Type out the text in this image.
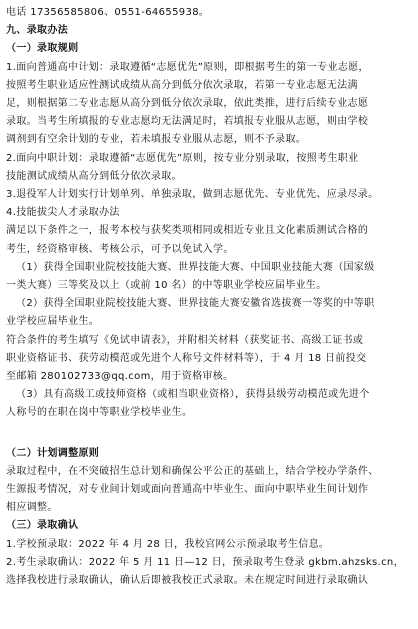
电话 17356585806、0551-64655938。
九、录取办法
（一）录取规则
1.面向普通高中计划：录取遵循“志愿优先”原则，即根据考生的第一专业志愿，
按照考生职业适应性测试成绩从高分到低分依次录取，若第一专业志愿无法满
足，则根据第二专业志愿从高分到低分依次录取，依此类推，进行后续专业志愿
录取。当考生所填报的专业志愿均无法满足时，若填报专业服从志愿，则由学校
调剂到有空余计划的专业，若未填报专业服从志愿，则不予录取。
2.面向中职计划：录取遵循“志愿优先”原则，按专业分别录取，按照考生职业
技能测试成绩从高分到低分依次录取。
3.退役军人计划实行计划单列、单独录取，做到志愿优先、专业优先、应录尽录。
4.技能拔尖人才录取办法
满足以下条件之一，报考本校与获奖类项相同或相近专业且文化素质测试合格的
考生，经资格审核、考核公示，可予以免试入学。
（1）获得全国职业院校技能大赛、世界技能大赛、中国职业技能大赛（国家级
一类大赛）三等奖及以上（或前 10 名）的中等职业学校应届毕业生。
（2）获得全国职业院校技能大赛、世界技能大赛安徽省选拔赛一等奖的中等职
业学校应届毕业生。
符合条件的考生填写《免试申请表》，并附相关材料（获奖证书、高级工证书或
职业资格证书、获劳动模范或先进个人称号文件材料等），于 4 月 18 日前投交
至邮箱 280102733@qq.com，用于资格审核。
（3）具有高级工或技师资格（或相当职业资格），获得县级劳动模范或先进个
人称号的在职在岗中等职业学校毕业生。
（二）计划调整原则
录取过程中，在不突破招生总计划和确保公平公正的基础上，结合学校办学条件、
生源报考情况，对专业间计划或面向普通高中毕业生、面向中职毕业生间计划作
相应调整。
（三）录取确认
1.学校预录取：2022 年 4 月 28 日，我校官网公示预录取考生信息。
2.考生录取确认：2022 年 5 月 11 日—12 日，预录取考生登录 gkbm.ahzsks.cn，
选择我校进行录取确认，确认后即被我校正式录取。未在规定时间进行录取确认
